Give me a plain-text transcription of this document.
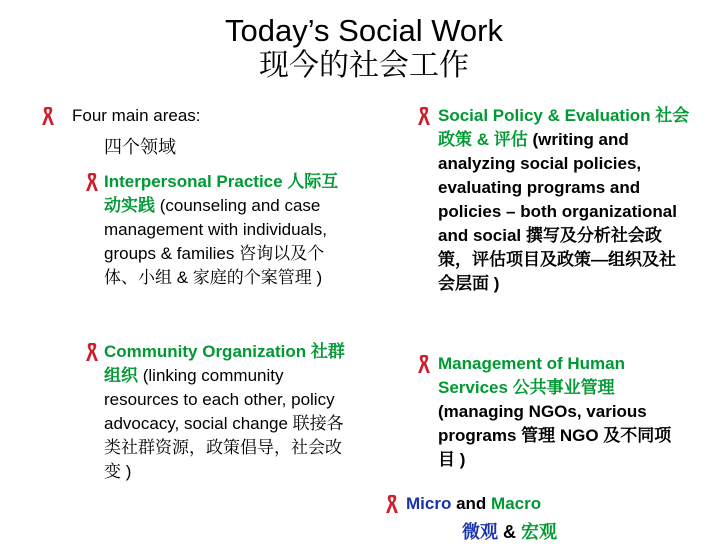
Today’s Social Work
现今的社会工作
Four main areas:
四个领域
Interpersonal Practice 人际互动实践 (counseling and case management with individuals, groups & families 咨询以及个体、小组 & 家庭的个案管理 )
Community Organization 社群组织 (linking community resources to each other, policy advocacy, social change 联接各类社群资源，政策倡导，社会改变 )
Social Policy & Evaluation 社会政策 & 评估 (writing and analyzing social policies, evaluating programs and policies – both organizational and social 撰写及分析社会政策，评估项目及政策—组织及社会层面 )
Management of Human Services 公共事业管理 (managing NGOs, various programs 管理 NGO 及不同项目 )
Micro and Macro
微观 & 宏观
